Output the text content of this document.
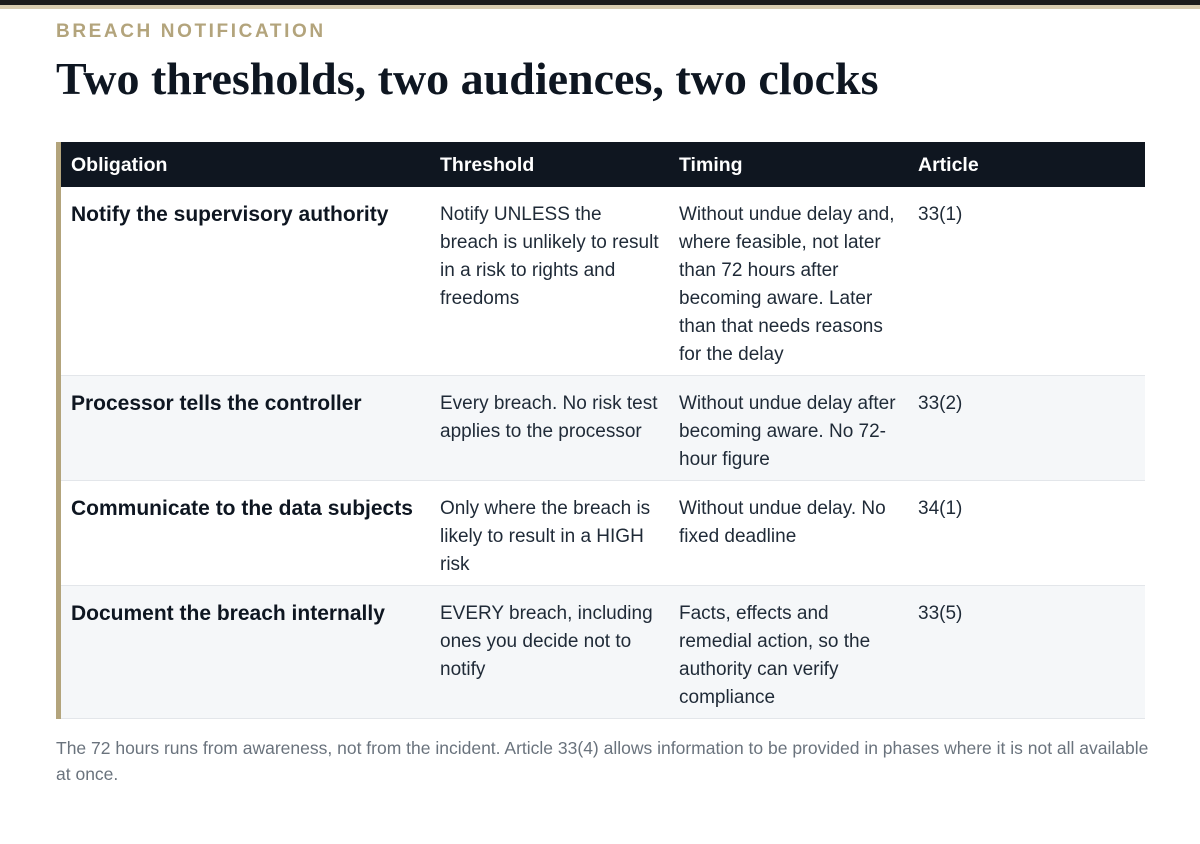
BREACH NOTIFICATION
Two thresholds, two audiences, two clocks
Obligation	Threshold	Timing	Article
Notify the supervisory authority	Notify UNLESS the breach is unlikely to result in a risk to rights and freedoms	Without undue delay and, where feasible, not later than 72 hours after becoming aware. Later than that needs reasons for the delay	33(1)
Processor tells the controller	Every breach. No risk test applies to the processor	Without undue delay after becoming aware. No 72-hour figure	33(2)
Communicate to the data subjects	Only where the breach is likely to result in a HIGH risk	Without undue delay. No fixed deadline	34(1)
Document the breach internally	EVERY breach, including ones you decide not to notify	Facts, effects and remedial action, so the authority can verify compliance	33(5)
The 72 hours runs from awareness, not from the incident. Article 33(4) allows information to be provided in phases where it is not all available at once.
